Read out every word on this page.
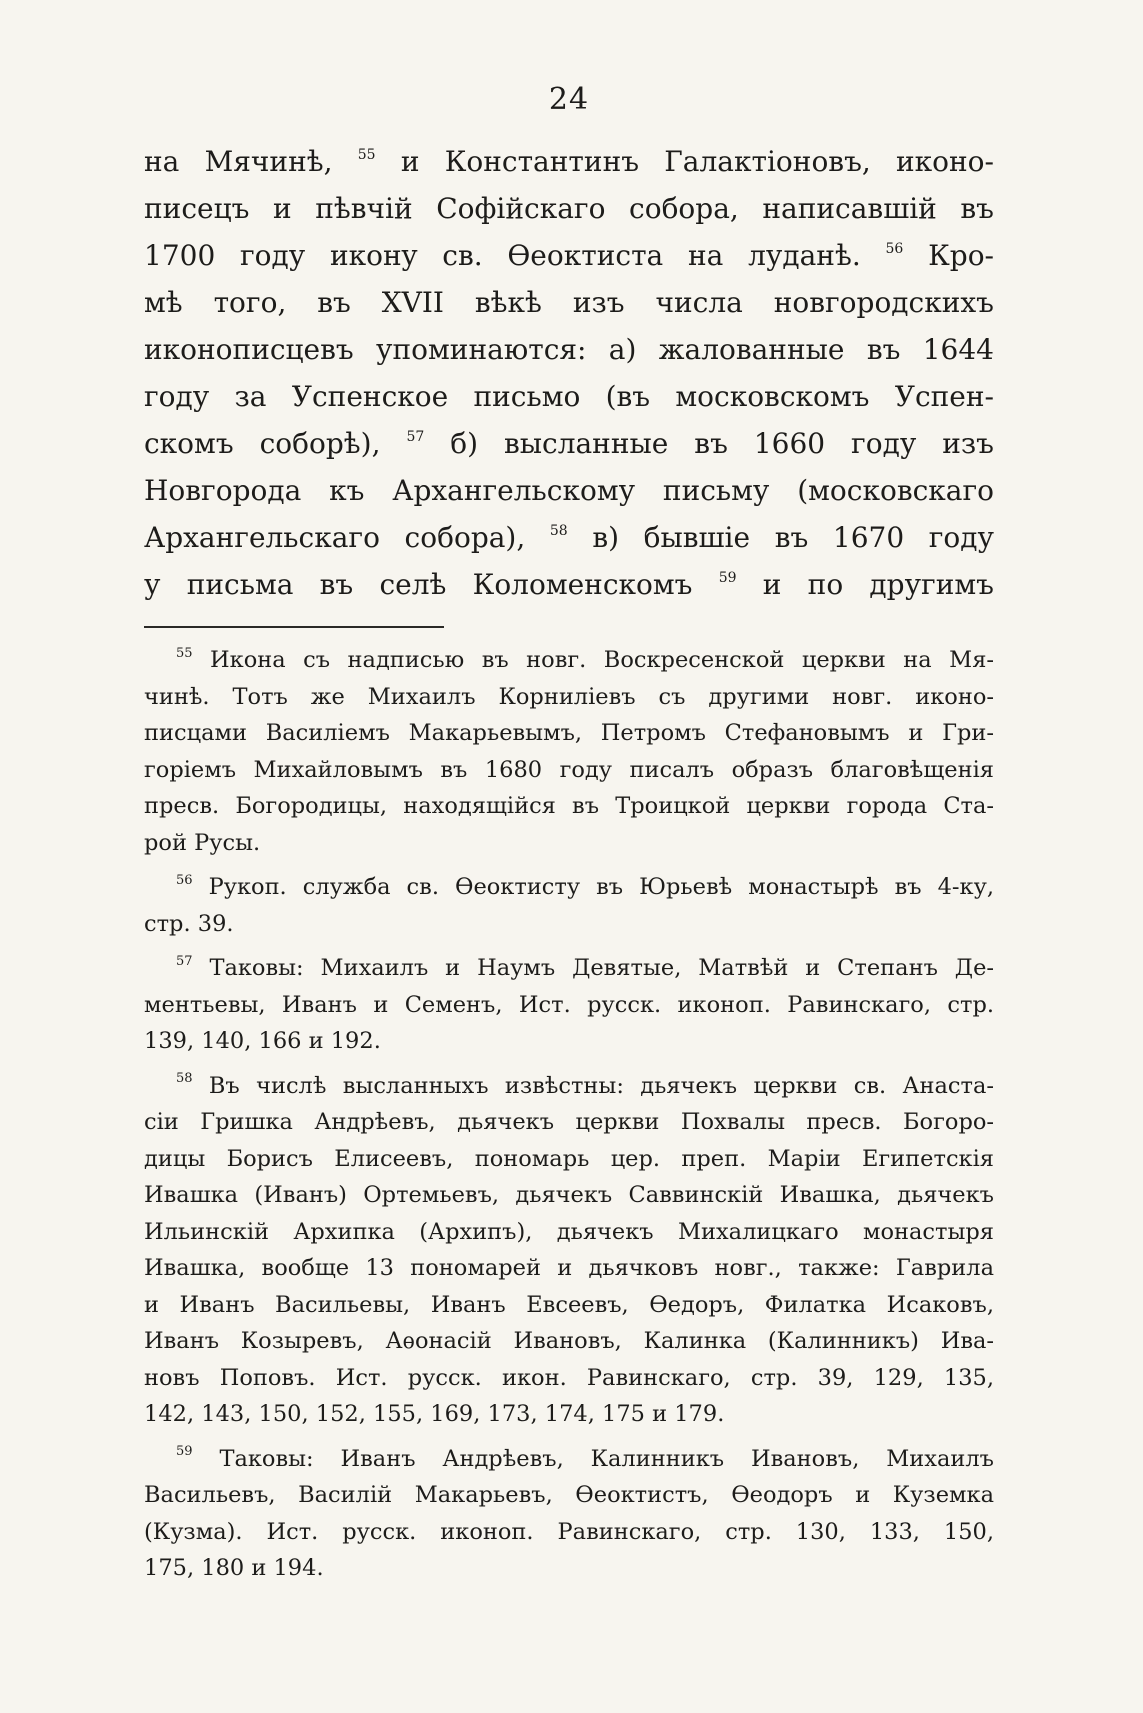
24
на Мячинѣ, $^{55}$ и Константинъ Галактіоновъ, иконо-
писецъ и пѣвчій Софійскаго собора, написавшій въ
1700 году иконy св. Ѳеоктиста на луданѣ. $^{56}$ Кро-
мѣ того, въ XVII вѣкѣ изъ числа новгородскихъ
иконописцевъ упоминаются: а) жалованные въ 1644
году за Успенское письмо (въ московскомъ Успен-
скомъ соборѣ), $^{57}$ б) высланные въ 1660 году изъ
Новгорода къ Архангельскому письму (московскаго
Архангельскаго собора), $^{58}$ в) бывшіе въ 1670 году
у письма въ селѣ Коломенскомъ $^{59}$ и по другимъ
$^{55}$ Икона съ надписью въ новг. Воскресенской церкви на Мя-
чинѣ. Тотъ же Михаилъ Корниліевъ съ другими новг. иконо-
писцами Василіемъ Макарьевымъ, Петромъ Стефановымъ и Гри-
горіемъ Михайловымъ въ 1680 году писалъ образъ благовѣщенія
пресв. Богородицы, находящійся въ Троицкой церкви города Ста-
рой Русы.
$^{56}$ Рукоп. служба св. Ѳеоктисту въ Юрьевѣ монастырѣ въ 4-ку,
стр. 39.
$^{57}$ Таковы: Михаилъ и Наумъ Девятые, Матвѣй и Степанъ Де-
ментьевы, Иванъ и Семенъ, Ист. русск. иконоп. Равинскаго, стр.
139, 140, 166 и 192.
$^{58}$ Въ числѣ высланныхъ извѣстны: дьячекъ церкви св. Анаста-
сіи Гришка Андрѣевъ, дьячекъ церкви Похвалы пресв. Богоро-
дицы Борисъ Елисеевъ, пономарь цер. преп. Маріи Египетскія
Ивашка (Иванъ) Ортемьевъ, дьячекъ Саввинскій Ивашка, дьячекъ
Ильинскій Архипка (Архипъ), дьячекъ Михалицкаго монастыря
Ивашка, вообще 13 пономарей и дьячковъ новг., также: Гаврила
и Иванъ Васильевы, Иванъ Евсеевъ, Ѳедоръ, Филатка Исаковъ,
Иванъ Козыревъ, Аѳонасій Ивановъ, Калинка (Калинникъ) Ива-
новъ Поповъ. Ист. русск. икон. Равинскаго, стр. 39, 129, 135,
142, 143, 150, 152, 155, 169, 173, 174, 175 и 179.
$^{59}$ Таковы: Иванъ Андрѣевъ, Калинникъ Ивановъ, Михаилъ
Васильевъ, Василій Макарьевъ, Ѳеоктистъ, Ѳеодоръ и Куземка
(Кузма). Ист. русск. иконоп. Равинскаго, стр. 130, 133, 150,
175, 180 и 194.
